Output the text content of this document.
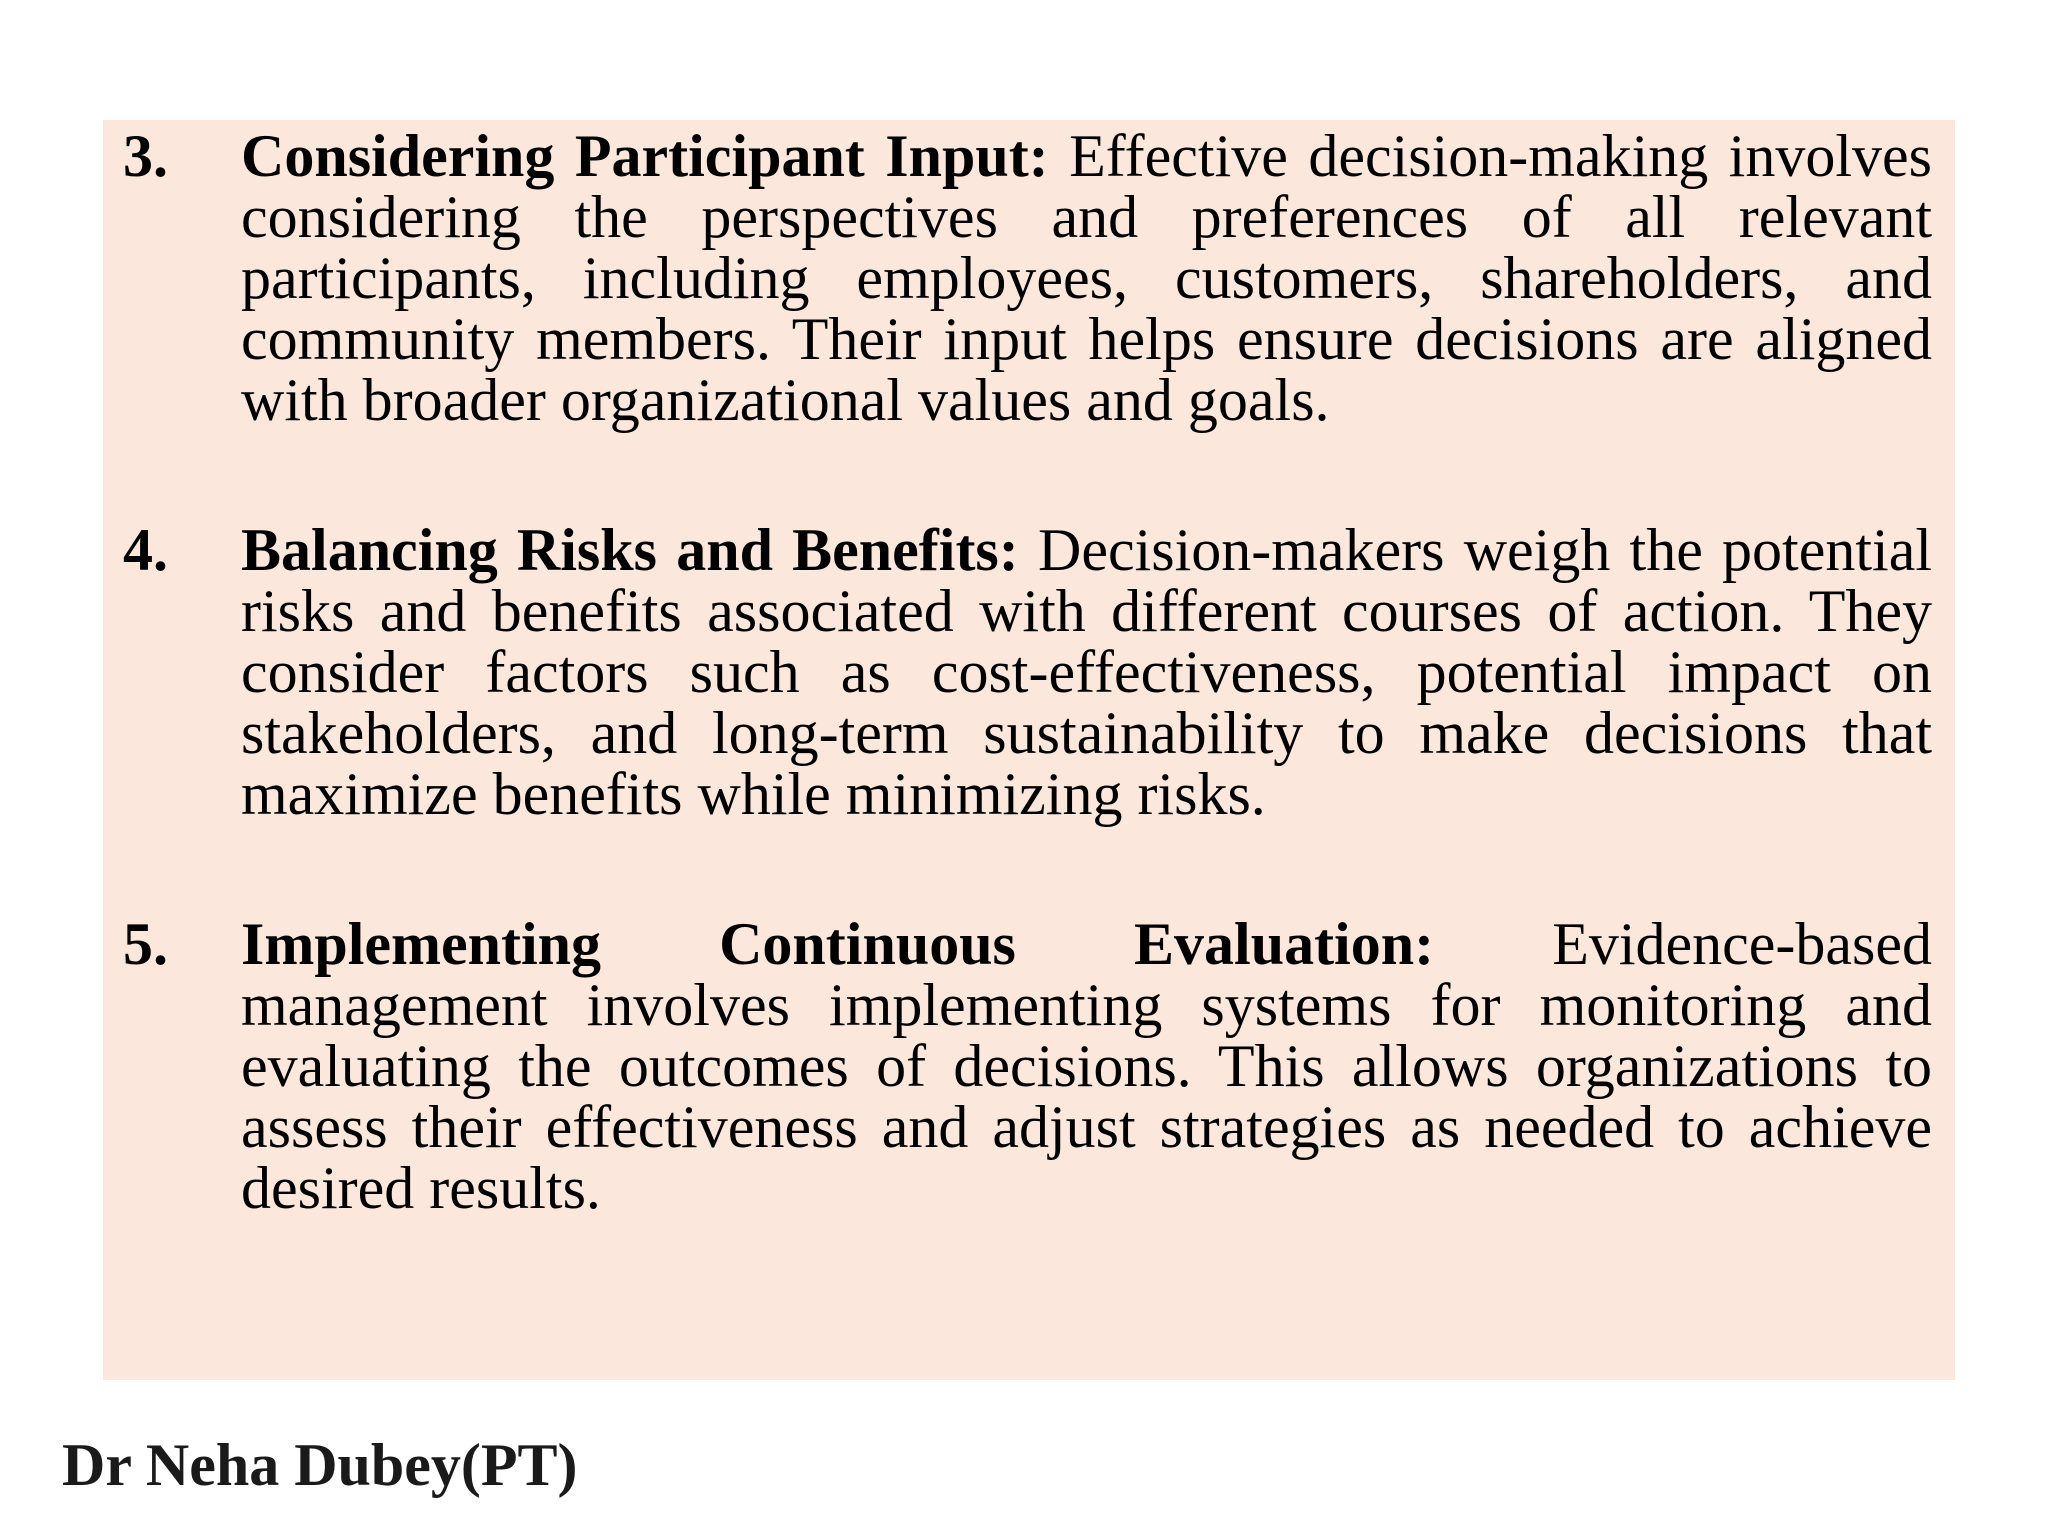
3.	Considering Participant Input: Effective decision-making involves considering the perspectives and preferences of all relevant participants, including employees, customers, shareholders, and community members. Their input helps ensure decisions are aligned with broader organizational values and goals.
4.	Balancing Risks and Benefits: Decision-makers weigh the potential risks and benefits associated with different courses of action. They consider factors such as cost-effectiveness, potential impact on stakeholders, and long-term sustainability to make decisions that maximize benefits while minimizing risks.
5.	Implementing Continuous Evaluation: Evidence-based management involves implementing systems for monitoring and evaluating the outcomes of decisions. This allows organizations to assess their effectiveness and adjust strategies as needed to achieve desired results.
Dr Neha Dubey(PT)
